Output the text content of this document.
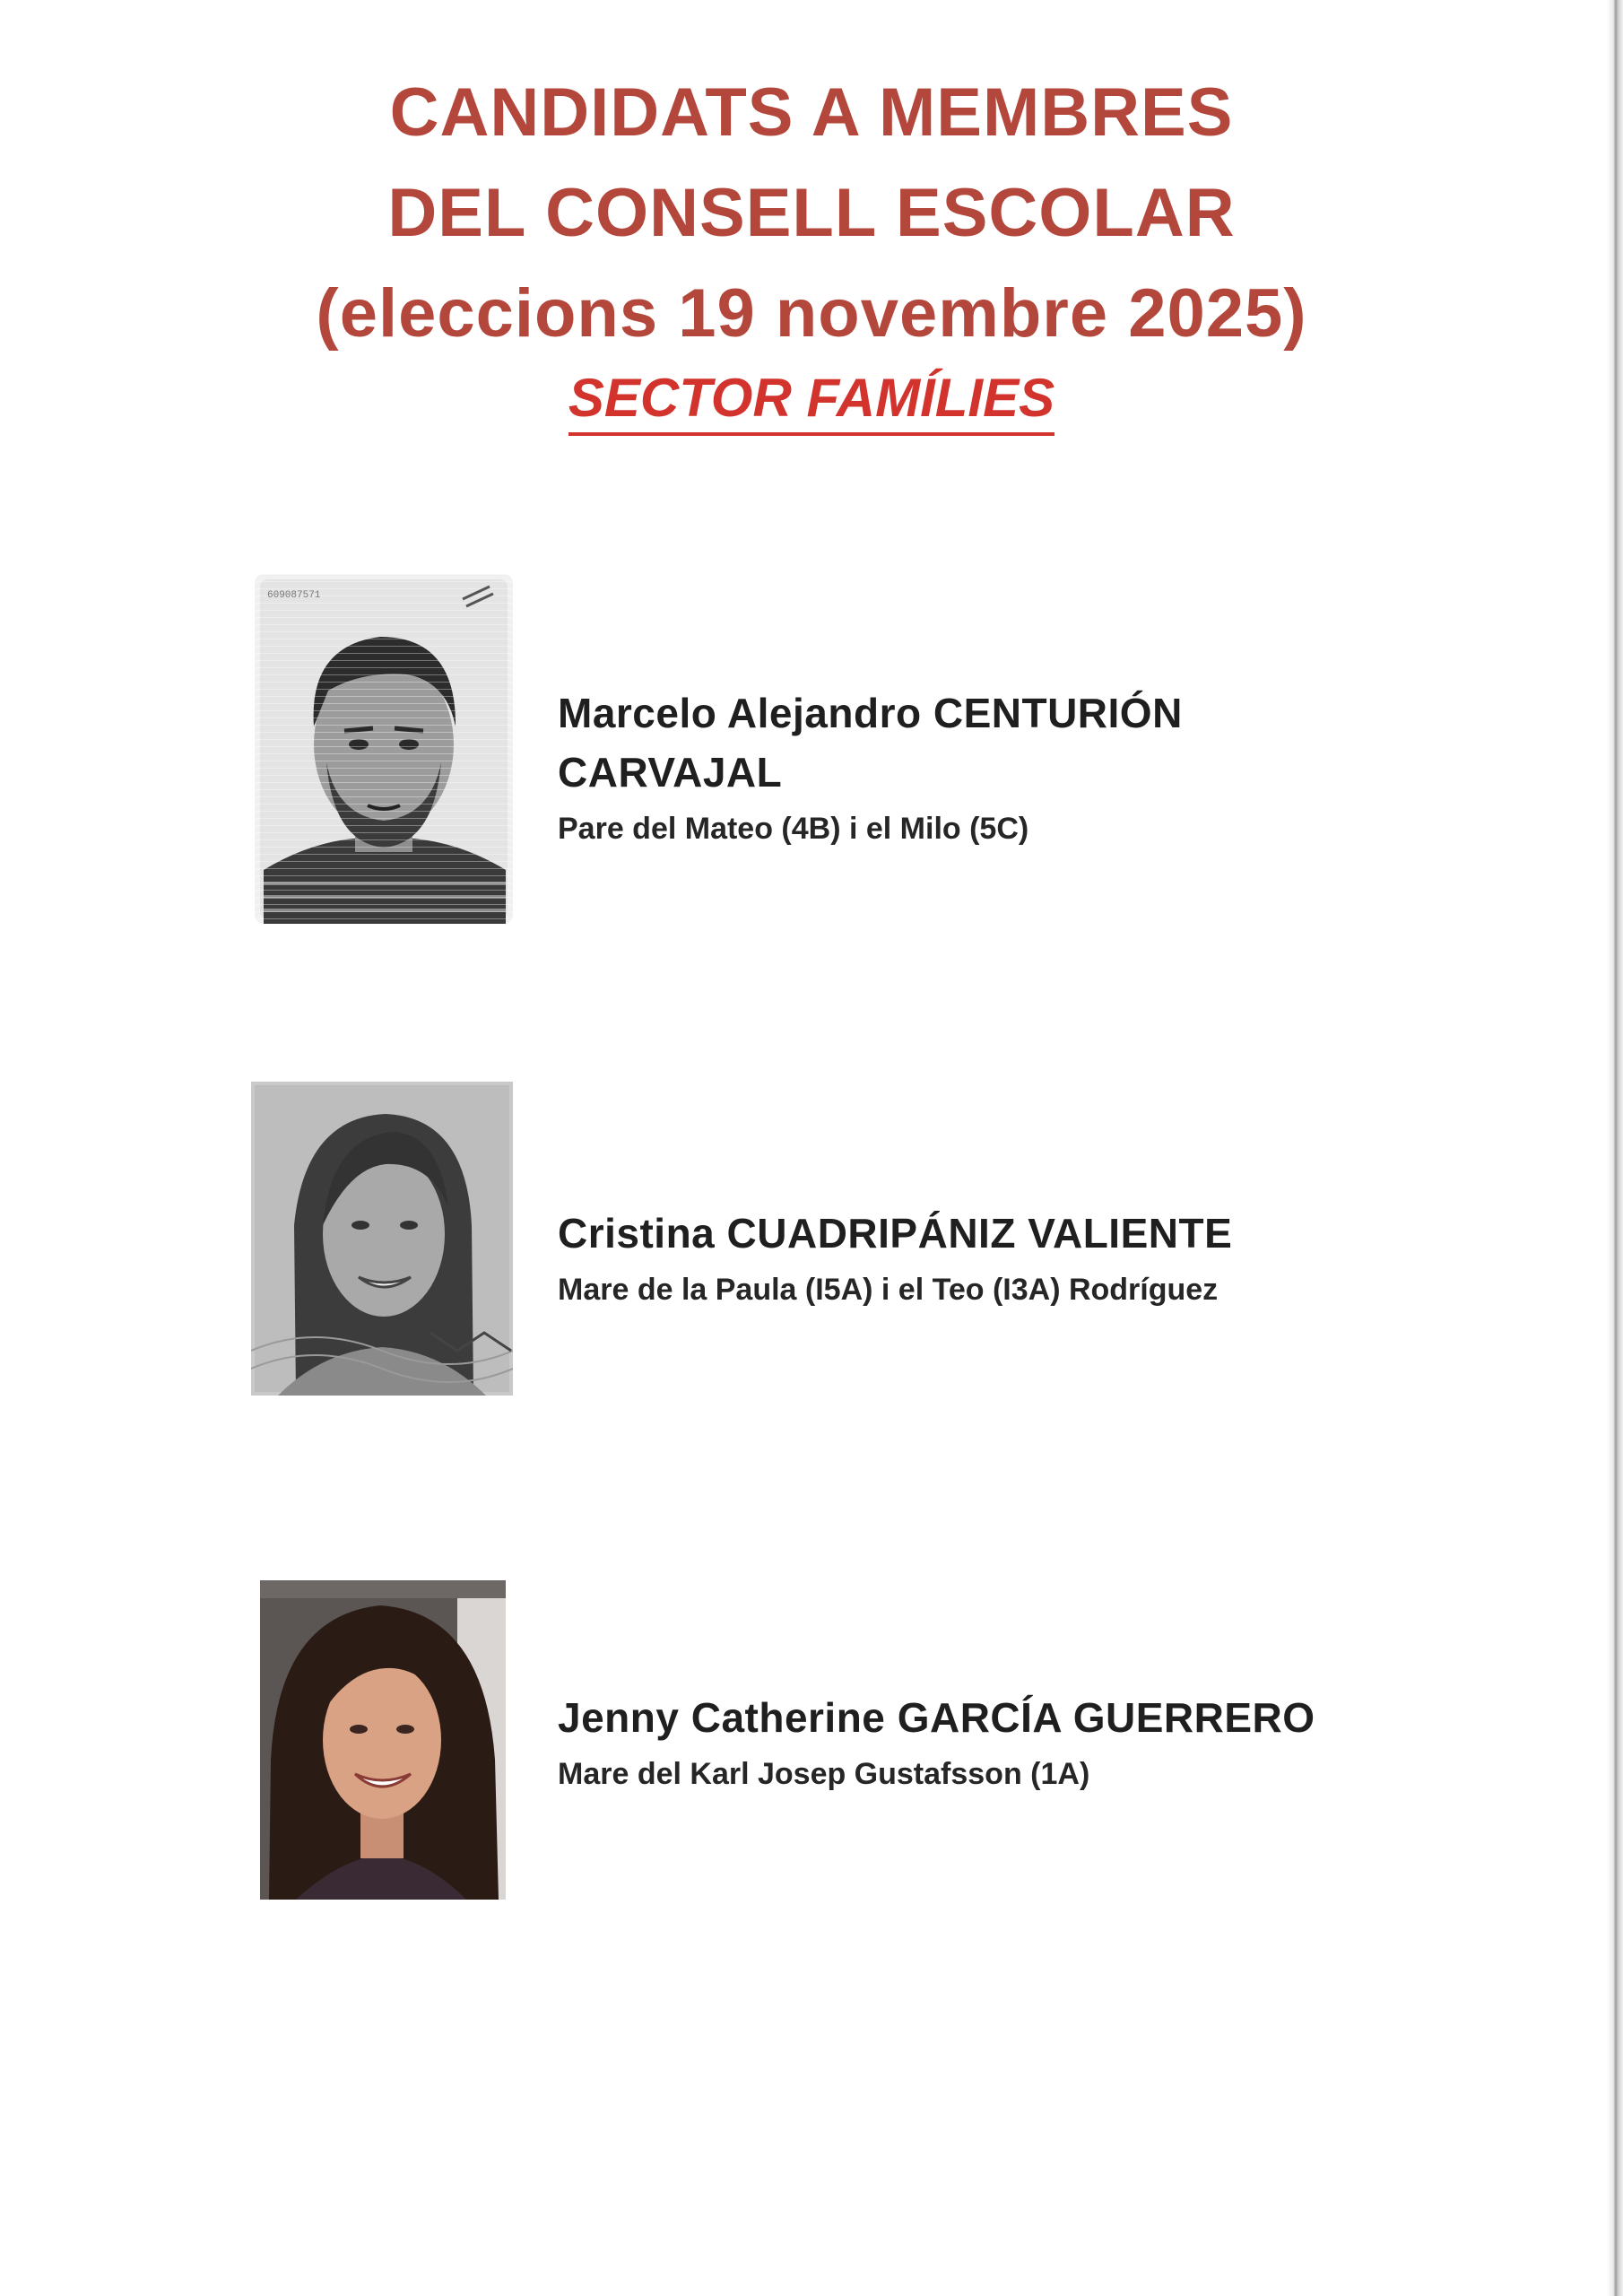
CANDIDATS A MEMBRES
DEL CONSELL ESCOLAR
(eleccions 19 novembre 2025)
SECTOR FAMÍLIES
609087571
Marcelo Alejandro CENTURIÓN
CARVAJAL
Pare del Mateo (4B) i el Milo (5C)
Cristina CUADRIPÁNIZ VALIENTE
Mare de la Paula (I5A) i el Teo (I3A) Rodríguez
Jenny Catherine GARCÍA GUERRERO
Mare del Karl Josep Gustafsson (1A)
